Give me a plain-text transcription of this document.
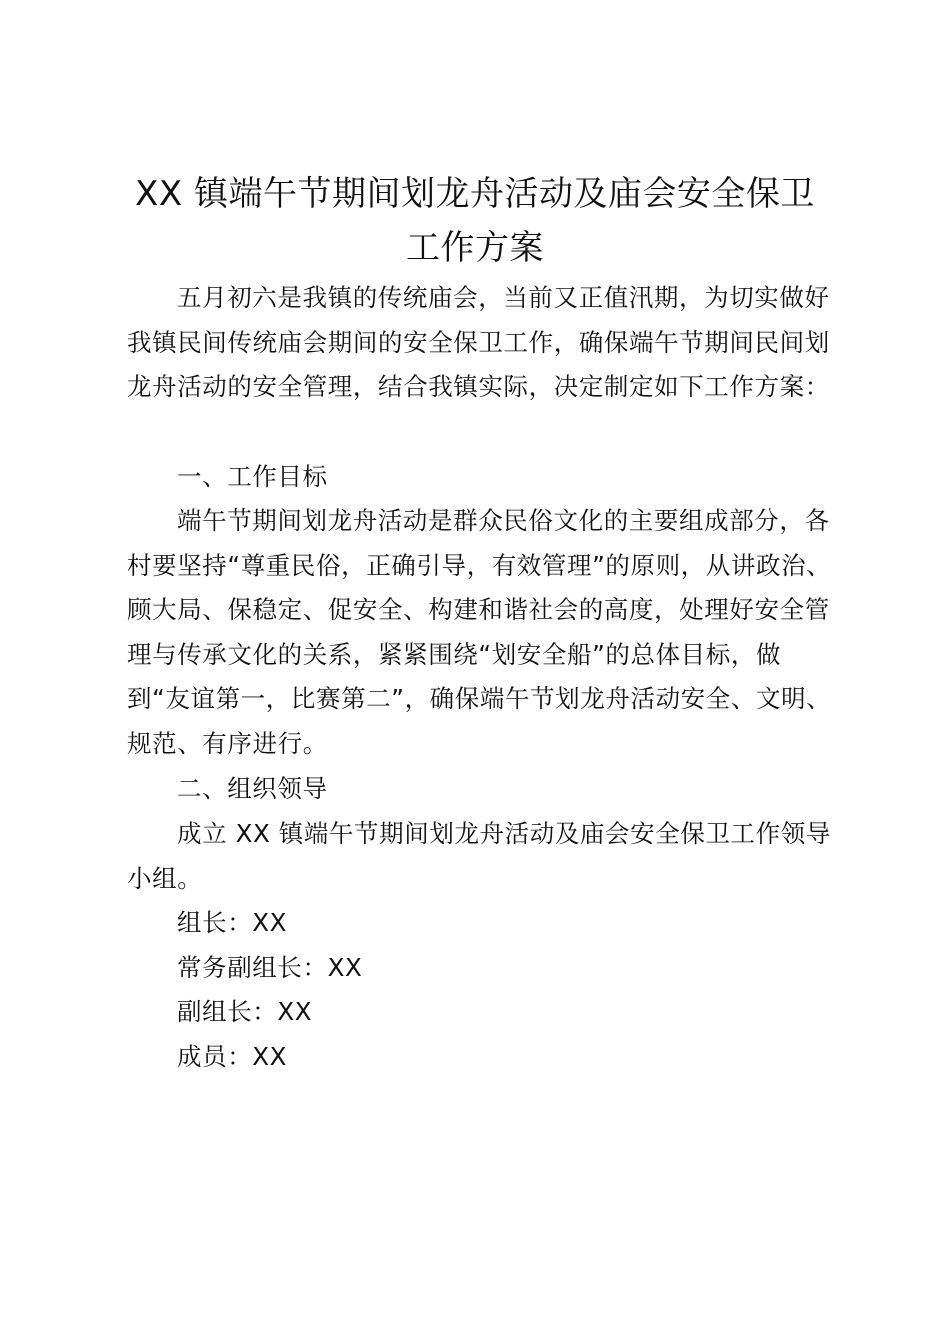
XX 镇端午节期间划龙舟活动及庙会安全保卫
工作方案

五月初六是我镇的传统庙会，当前又正值汛期，为切实做好我镇民间传统庙会期间的安全保卫工作，确保端午节期间民间划龙舟活动的安全管理，结合我镇实际，决定制定如下工作方案：

一、工作目标

端午节期间划龙舟活动是群众民俗文化的主要组成部分，各村要坚持“尊重民俗，正确引导，有效管理”的原则，从讲政治、顾大局、保稳定、促安全、构建和谐社会的高度，处理好安全管理与传承文化的关系，紧紧围绕“划安全船”的总体目标，做到“友谊第一，比赛第二”，确保端午节划龙舟活动安全、文明、规范、有序进行。

二、组织领导

成立 XX 镇端午节期间划龙舟活动及庙会安全保卫工作领导小组。

组长：XX

常务副组长：XX

副组长：XX

成员：XX
